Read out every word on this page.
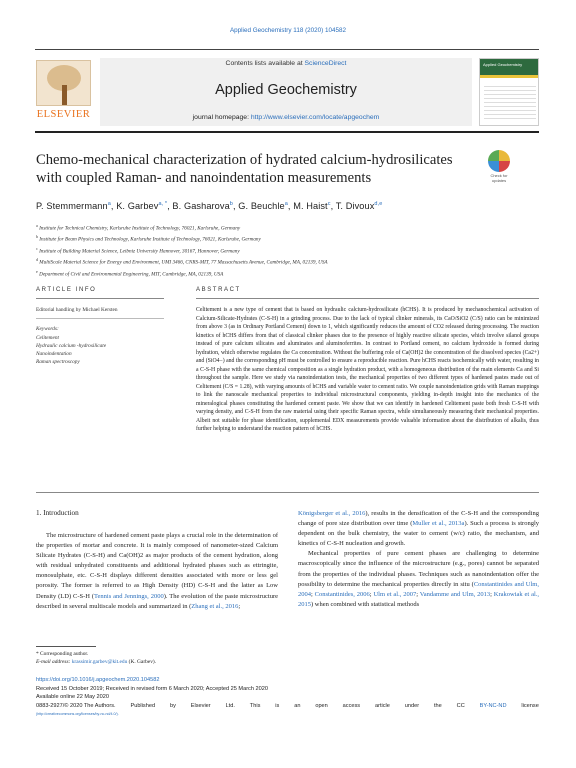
Applied Geochemistry 118 (2020) 104582
ELSEVIER
Contents lists available at ScienceDirect
Applied Geochemistry
journal homepage: http://www.elsevier.com/locate/apgeochem
Applied Geochemistry
Chemo-mechanical characterization of hydrated calcium-hydrosilicates with coupled Raman- and nanoindentation measurements	Check for updates
P. Stemmermann$^a$, K. Garbev$^{a, *}$, B. Gasharova$^b$, G. Beuchle$^a$, M. Haist$^c$, T. Divoux$^{d,e}$
$^a$ Institute for Technical Chemistry, Karlsruhe Institute of Technology, 76021, Karlsruhe, Germany
$^b$ Institute for Beam Physics and Technology, Karlsruhe Institute of Technology, 76021, Karlsruhe, Germany
$^c$ Institute of Building Material Science, Leibniz University Hannover, 30167, Hannover, Germany
$^d$ MultiScale Material Science for Energy and Environment, UMI 3466, CNRS-MIT, 77 Massachusetts Avenue, Cambridge, MA, 02139, USA
$^e$ Department of Civil and Environmental Engineering, MIT, Cambridge, MA, 02139, USA
ARTICLE INFO	ABSTRACT
Editorial handling by Michael Kersten
Keywords:
Celitement
Hydraulic calcium -hydrosilicate
Nanoindentation
Raman spectroscopy
Celitement is a new type of cement that is based on hydraulic calcium-hydrosilicate (hCHS). It is produced by mechanochemical activation of Calcium-Silicate-Hydrates (C-S-H) in a grinding process. Due to the lack of typical clinker minerals, its CaO/SiO2 (C/S) ratio can be minimized from above 3 (as in Ordinary Portland Cement) down to 1, which significantly reduces the amount of CO2 released during processing. The reaction kinetics of hCHS differs from that of classical clinker phases due to the presence of highly reactive silicate species, which involve silanol groups instead of pure calcium silicates and aluminates and aluminoferrites. In contrast to Portland cement, no calcium hydroxide is formed during hydration, which otherwise regulates the Ca concentration. Without the buffering role of Ca(OH)2 the concentration of the dissolved species (Ca2+) and (SiO4−) and the corresponding pH must be controlled to ensure a reproducible reaction. Pure hCHS reacts isochemically with water, resulting in a C-S-H phase with the same chemical composition as a single hydration product, with a homogeneous distribution of the main elements Ca and Si throughout the sample. Here we study via nanoindentation tests, the mechanical properties of two different types of hardened pastes made out of Celitement (C/S = 1.28), with varying amounts of hCHS and variable water to cement ratio. We couple nanoindentation grids with Raman mappings to link the nanoscale mechanical properties to individual microstructural components, yielding in-depth insight into the mechanics of the mineralogical phases constituting the hardened cement paste. We show that we can identify in hardened Celitement paste both fresh C-S-H with varying density, and C-S-H from the raw material using their specific Raman spectra, while simultaneously measuring their mechanical properties. Albeit not suitable for phase identification, supplemental EDX measurements provide valuable information about the distribution of alkalis, thus further helping to understand the reaction pattern of hCHS.
1. Introduction
The microstructure of hardened cement paste plays a crucial role in the determination of the properties of mortar and concrete. It is mainly composed of nanometer-sized Calcium Silicate Hydrates (C-S-H) and Ca(OH)2 as major products of the cement hydration, along with residual unhydrated constituents and additional hydrated phases such as ettringite, monosulphate, etc. C-S-H displays different densities associated with more or less gel porosity. The former is referred to as High Density (HD) C-S-H and the latter as Low Density (LD) C-S-H (Tennis and Jennings, 2000). The evolution of the paste microstructure described in several multiscale models and summarized in (Zhang et al., 2016;

Königsberger et al., 2016), results in the densification of the C-S-H and the corresponding change of pore size distribution over time (Muller et al., 2013a). Such a process is strongly dependent on the bulk chemistry, the water to cement (w/c) ratio, the mechanism, and kinetics of C-S-H nucleation and growth.

Mechanical properties of pure cement phases are challenging to determine macroscopically since the influence of the microstructure (e.g., pores) cannot be separated from the properties of the individual phases. Techniques such as nanoindentation offer the possibility to determine the mechanical properties directly in situ (Constantinides and Ulm, 2004; Constantinides, 2006; Ulm et al., 2007; Vandamme and Ulm, 2013; Krakowiak et al., 2015) when combined with statistical methods

* Corresponding author.
E-mail address: krassimir.garbev@kit.edu (K. Garbev).
https://doi.org/10.1016/j.apgeochem.2020.104582
Received 15 October 2019; Received in revised form 6 March 2020; Accepted 25 March 2020
Available online 22 May 2020
0883-2927/© 2020 The Authors.	Published	by	Elsevier	Ltd.	This	is	an	open	access	article	under	the	CC	BY-NC-ND	license
(http://creativecommons.org/licenses/by-nc-nd/4.0/).
